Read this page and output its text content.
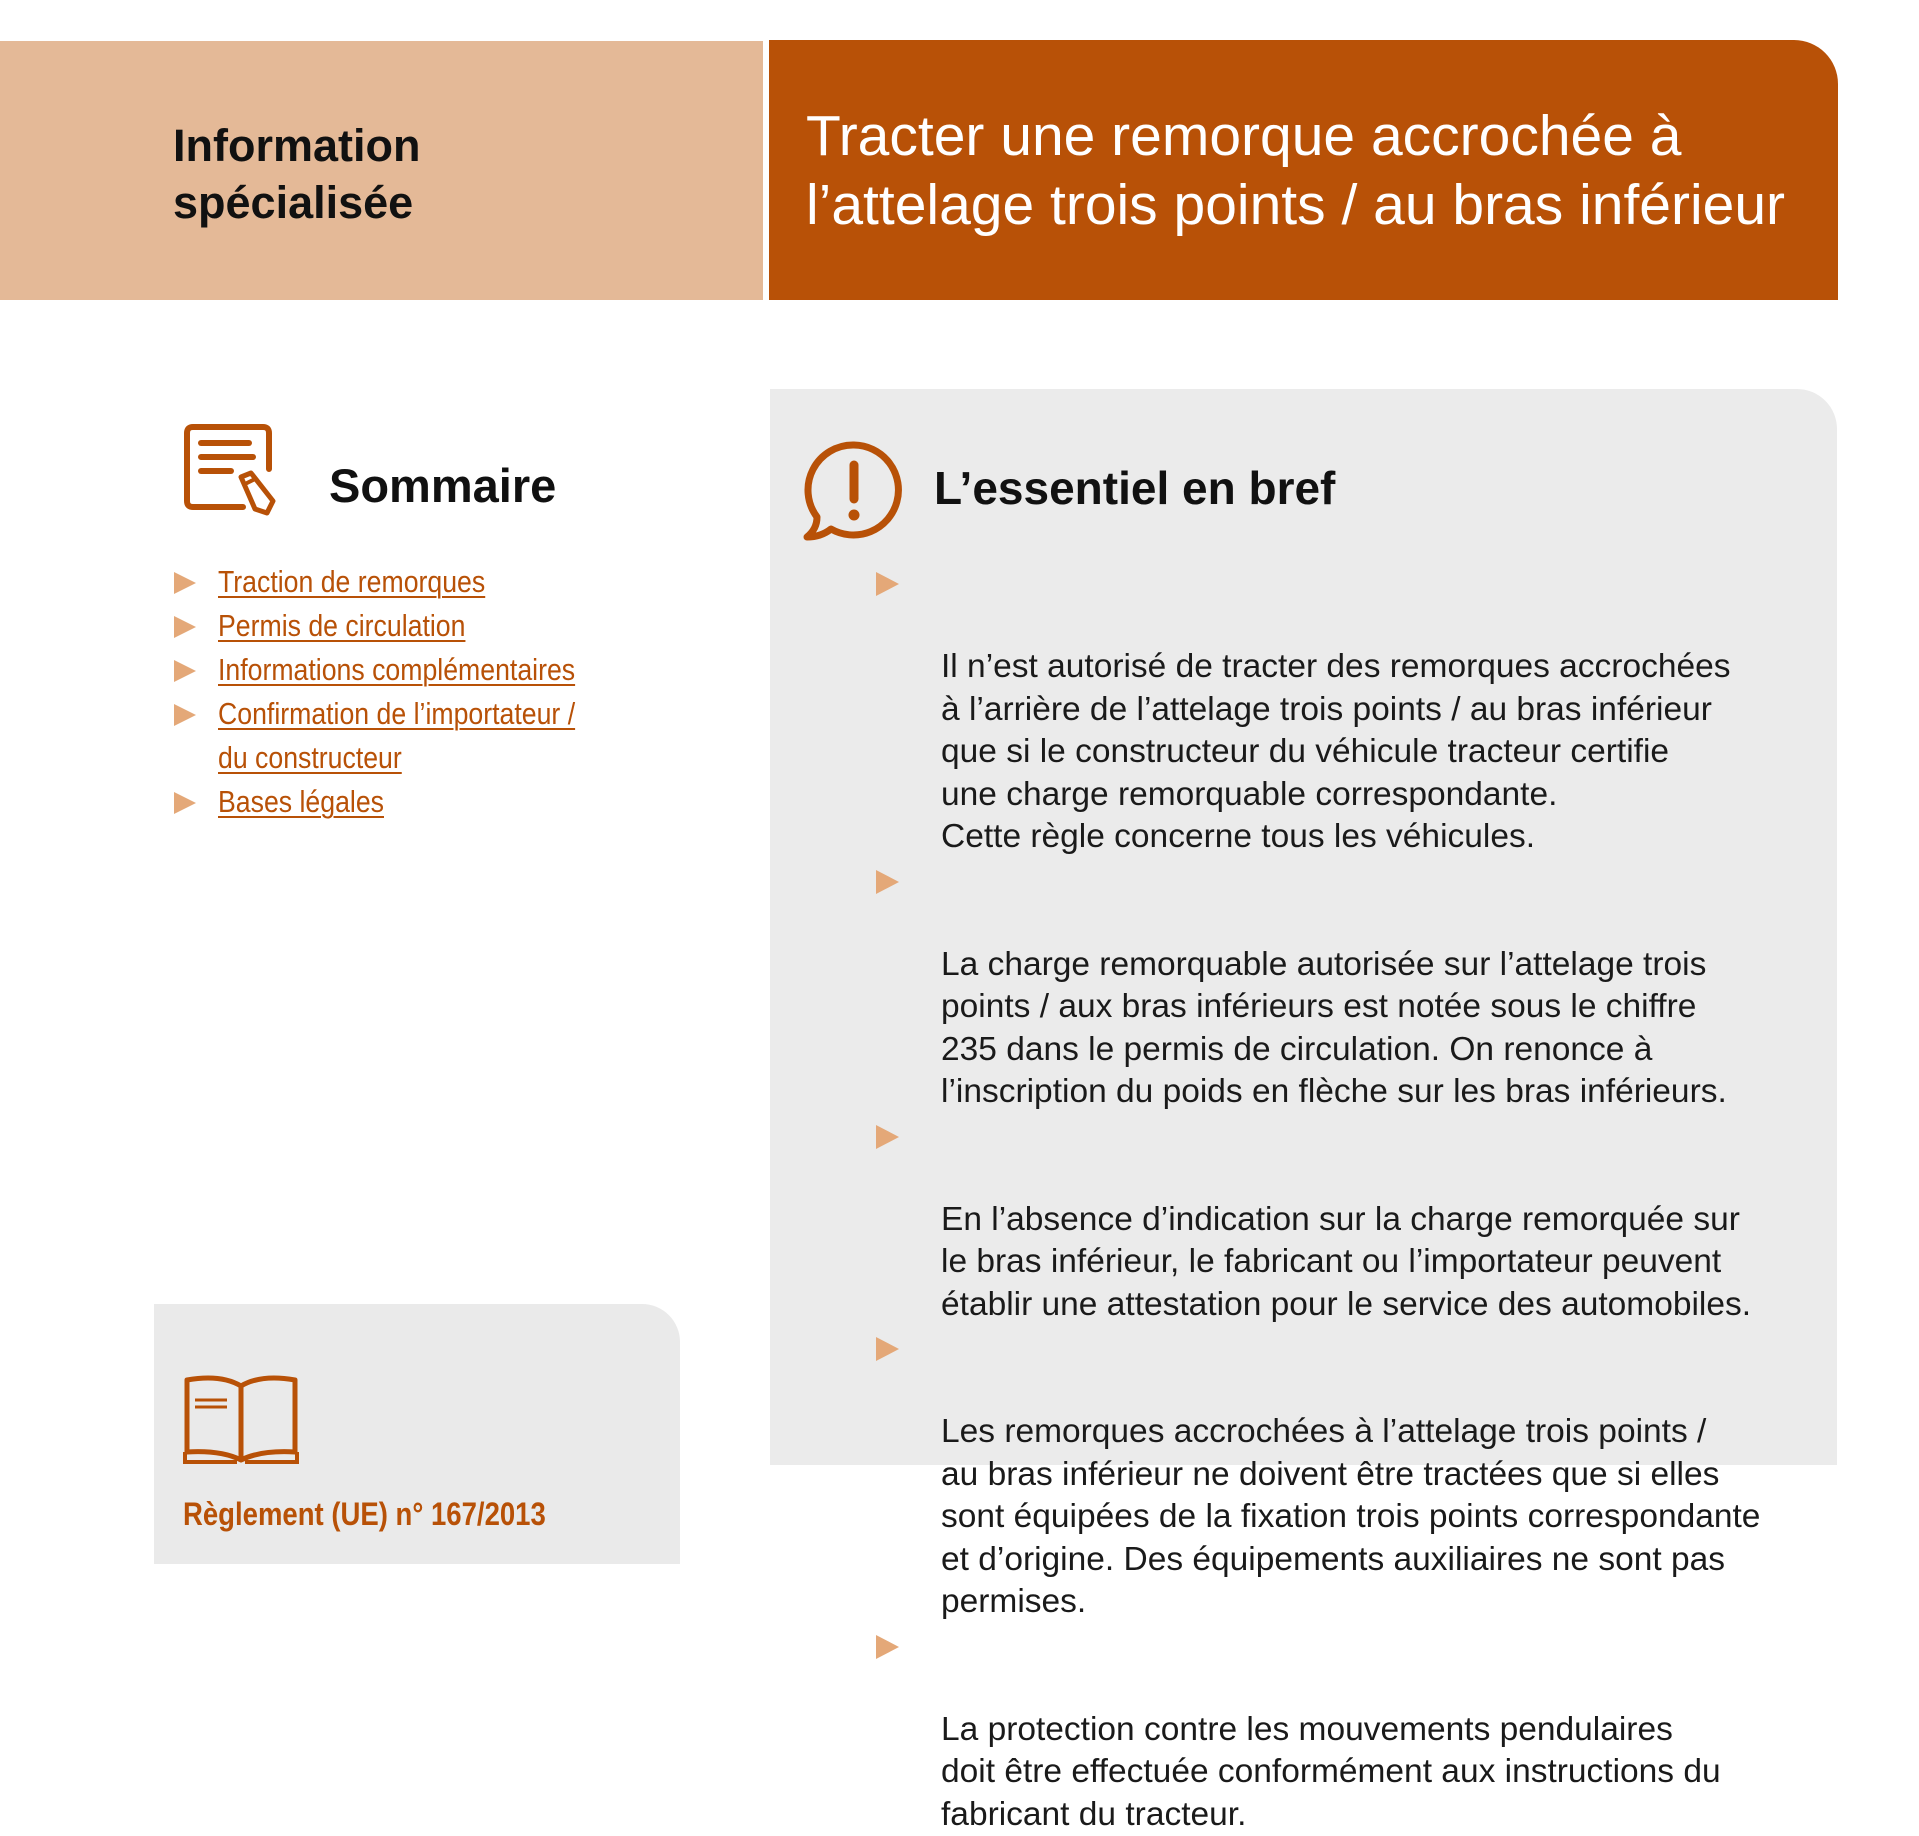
Information
spécialisée
Tracter une remorque accrochée à
l’attelage trois points / au bras inférieur
Sommaire
Traction de remorques
Permis de circulation
Informations complémentaires
Confirmation de l’importateur /
du constructeur
Bases légales
Règlement (UE) n° 167/2013
L’essentiel en bref

Il n’est autorisé de tracter des remorques accrochées
à l’arrière de l’attelage trois points / au bras inférieur
que si le constructeur du véhicule tracteur certifie
une charge remorquable correspondante.
Cette règle concerne tous les véhicules.

La charge remorquable autorisée sur l’attelage trois
points / aux bras inférieurs est notée sous le chiffre
235 dans le permis de circulation. On renonce à
l’inscription du poids en flèche sur les bras inférieurs.

En l’absence d’indication sur la charge remorquée sur
le bras inférieur, le fabricant ou l’importateur peuvent
établir une attestation pour le service des automobiles.

Les remorques accrochées à l’attelage trois points /
au bras inférieur ne doivent être tractées que si elles
sont équipées de la fixation trois points correspondante
et d’origine. Des équipements auxiliaires ne sont pas
permises.

La protection contre les mouvements pendulaires
doit être effectuée conformément aux instructions du
fabricant du tracteur.
